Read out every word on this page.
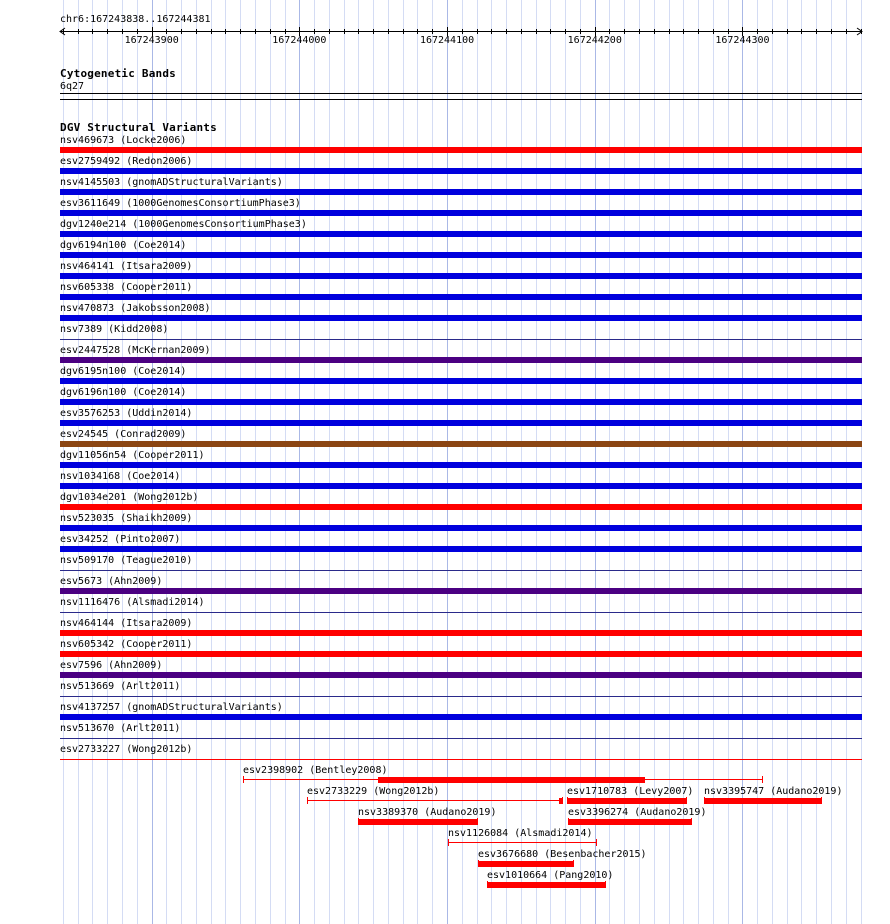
chr6:167243838..167244381
167243900	167244000	167244100	167244200	167244300
Cytogenetic Bands
6q27
DGV Structural Variants
nsv469673 (Locke2006)
esv2759492 (Redon2006)
nsv4145503 (gnomADStructuralVariants)
esv3611649 (1000GenomesConsortiumPhase3)
dgv1240e214 (1000GenomesConsortiumPhase3)
dgv6194n100 (Coe2014)
nsv464141 (Itsara2009)
nsv605338 (Cooper2011)
nsv470873 (Jakobsson2008)
nsv7389 (Kidd2008)
esv2447528 (McKernan2009)
dgv6195n100 (Coe2014)
dgv6196n100 (Coe2014)
esv3576253 (Uddin2014)
esv24545 (Conrad2009)
dgv11056n54 (Cooper2011)
nsv1034168 (Coe2014)
dgv1034e201 (Wong2012b)
nsv523035 (Shaikh2009)
esv34252 (Pinto2007)
nsv509170 (Teague2010)
esv5673 (Ahn2009)
nsv1116476 (Alsmadi2014)
nsv464144 (Itsara2009)
nsv605342 (Cooper2011)
esv7596 (Ahn2009)
nsv513669 (Arlt2011)
nsv4137257 (gnomADStructuralVariants)
nsv513670 (Arlt2011)
esv2733227 (Wong2012b)
esv2398902 (Bentley2008)
esv2733229 (Wong2012b)	esv1710783 (Levy2007) nsv3395747 (Audano2019)
nsv3389370 (Audano2019)	esv3396274 (Audano2019)
nsv1126084 (Alsmadi2014)
esv3676680 (Besenbacher2015)
esv1010664 (Pang2010)
